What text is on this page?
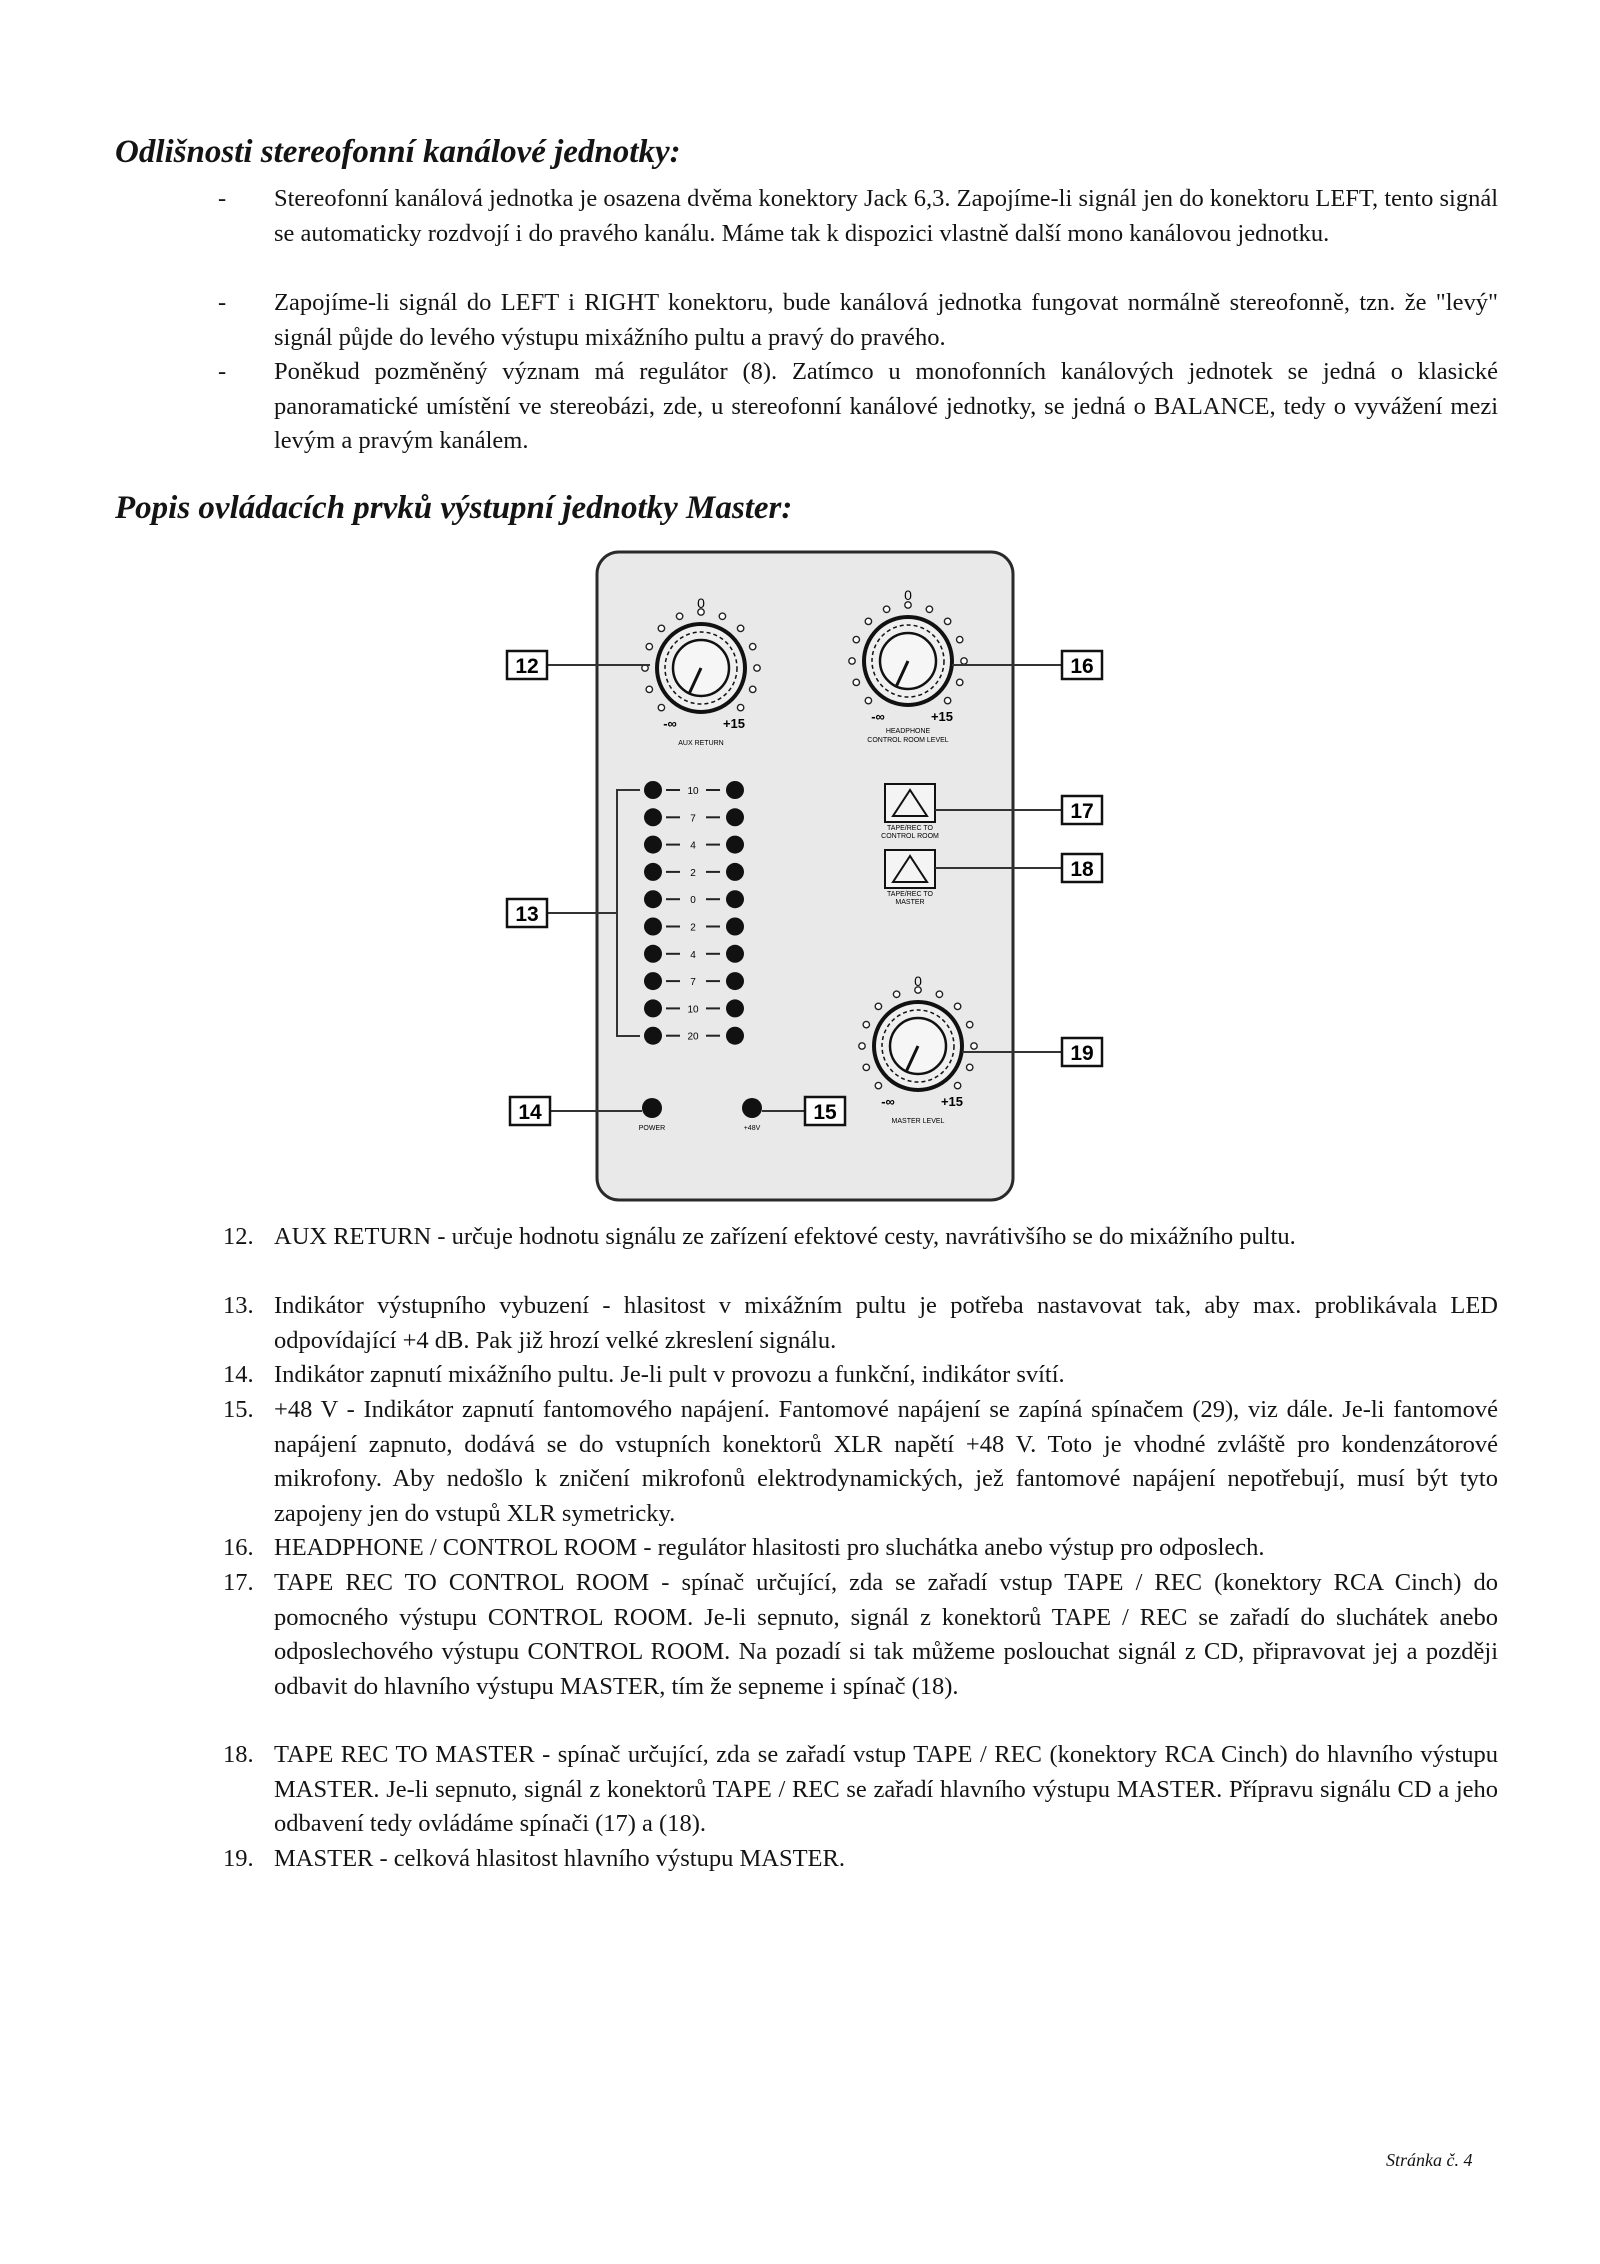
Odlišnosti stereofonní kanálové jednotky:
-	Stereofonní kanálová jednotka je osazena dvěma konektory Jack 6,3. Zapojíme-li signál jen do konektoru LEFT, tento signál se automaticky rozdvojí i do pravého kanálu. Máme tak k dispozici vlastně další mono kanálovou jednotku.
-	Zapojíme-li signál do LEFT i RIGHT konektoru, bude kanálová jednotka fungovat normálně stereofonně, tzn. že "levý" signál půjde do levého výstupu mixážního pultu a pravý do pravého.
-	Poněkud pozměněný význam má regulátor (8). Zatímco u monofonních kanálových jednotek se jedná o klasické panoramatické umístění ve stereobázi, zde, u stereofonní kanálové jednotky, se jedná o BALANCE, tedy o vyvážení mezi levým a pravým kanálem.
Popis ovládacích prvků výstupní jednotky Master:
0
-∞	+15
AUX RETURN
0
-∞	+15
HEADPHONE
CONTROL ROOM LEVEL
10
7
4
2
0
2
4
7
10
20
TAPE/REC TO
CONTROL ROOM
TAPE/REC TO
MASTER
0
-∞	+15
MASTER LEVEL
POWER	+48V
12
13
14	15
16
17
18
19
12. AUX RETURN - určuje hodnotu signálu ze zařízení efektové cesty, navrátivšího se do mixážního pultu.
13. Indikátor výstupního vybuzení - hlasitost v mixážním pultu je potřeba nastavovat tak, aby max. problikávala LED odpovídající +4 dB. Pak již hrozí velké zkreslení signálu.
14. Indikátor zapnutí mixážního pultu. Je-li pult v provozu a funkční, indikátor svítí.
15. +48 V - Indikátor zapnutí fantomového napájení. Fantomové napájení se zapíná spínačem (29), viz dále. Je-li fantomové napájení zapnuto, dodává se do vstupních konektorů XLR napětí +48 V. Toto je vhodné zvláště pro kondenzátorové mikrofony. Aby nedošlo k zničení mikrofonů elektrodynamických, jež fantomové napájení nepotřebují, musí být tyto zapojeny jen do vstupů XLR symetricky.
16. HEADPHONE / CONTROL ROOM - regulátor hlasitosti pro sluchátka anebo výstup pro odposlech.
17. TAPE REC TO CONTROL ROOM - spínač určující, zda se zařadí vstup TAPE / REC (konektory RCA Cinch) do pomocného výstupu CONTROL ROOM. Je-li sepnuto, signál z konektorů TAPE / REC se zařadí do sluchátek anebo odposlechového výstupu CONTROL ROOM. Na pozadí si tak můžeme poslouchat signál z CD, připravovat jej a později odbavit do hlavního výstupu MASTER, tím že sepneme i spínač (18).
18. TAPE REC TO MASTER - spínač určující, zda se zařadí vstup TAPE / REC (konektory RCA Cinch) do hlavního výstupu MASTER. Je-li sepnuto, signál z konektorů TAPE / REC se zařadí hlavního výstupu MASTER. Přípravu signálu CD a jeho odbavení tedy ovládáme spínači (17) a (18).
19. MASTER - celková hlasitost hlavního výstupu MASTER.
Stránka č. 4
